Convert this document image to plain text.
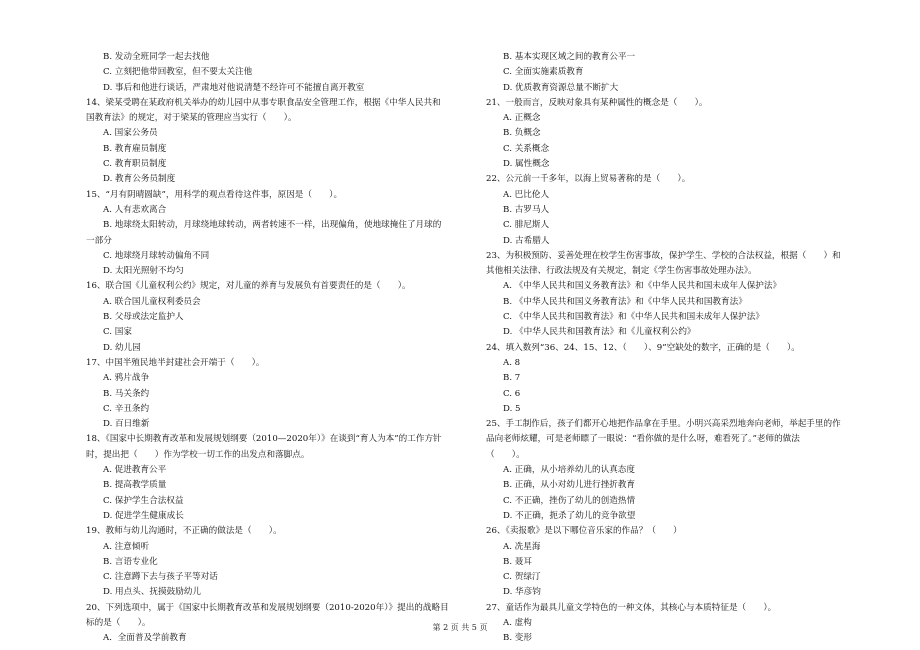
B. 发动全班同学一起去找他
C. 立刻把他带回教室，但不要太关注他
D. 事后和他进行谈话，严肃地对他说清楚不经许可不能擅自离开教室
14、梁某受聘在某政府机关举办的幼儿园中从事专职食品安全管理工作，根据《中华人民共和
国教育法》的规定，对于梁某的管理应当实行（　　）。
A. 国家公务员
B. 教育雇员制度
C. 教育职员制度
D. 教育公务员制度
15、“月有阴晴圆缺”，用科学的观点看待这件事，原因是（　　）。
A. 人有悲欢离合
B. 地球绕太阳转动，月球绕地球转动，两者转速不一样，出现偏角，使地球掩住了月球的
一部分
C. 地球绕月球转动偏角不同
D. 太阳光照射不均匀
16、联合国《儿童权利公约》规定，对儿童的养育与发展负有首要责任的是（　　）。
A. 联合国儿童权利委员会
B. 父母或法定监护人
C. 国家
D. 幼儿园
17、中国半殖民地半封建社会开端于（　　）。
A. 鸦片战争
B. 马关条约
C. 辛丑条约
D. 百日维新
18、《国家中长期教育改革和发展规划纲要（2010—2020年）》在谈到“育人为本”的工作方针
时，提出把（　　）作为学校一切工作的出发点和落脚点。
A. 促进教育公平
B. 提高教学质量
C. 保护学生合法权益
D. 促进学生健康成长
19、教师与幼儿沟通时，不正确的做法是（　　）。
A. 注意倾听
B. 言语专业化
C. 注意蹲下去与孩子平等对话
D. 用点头、抚摸鼓励幼儿
20、下列选项中，属于《国家中长期教育改革和发展规划纲要（2010-2020年）》提出的战略目
标的是（　　）。
A．全面普及学前教育
B. 基本实现区域之间的教育公平一
C. 全面实施素质教育
D. 优质教育资源总量不断扩大
21、一般而言，反映对象具有某种属性的概念是（　　）。
A. 正概念
B. 负概念
C. 关系概念
D. 属性概念
22、公元前一千多年，以海上贸易著称的是（　　）。
A. 巴比伦人
B. 古罗马人
C. 腓尼斯人
D. 古希腊人
23、为积极预防、妥善处理在校学生伤害事故，保护学生、学校的合法权益，根据（　　）和
其他相关法律、行政法规及有关规定，制定《学生伤害事故处理办法》。
A. 《中华人民共和国义务教育法》和《中华人民共和国未成年人保护法》
B. 《中华人民共和国义务教育法》和《中华人民共和国教育法》
C. 《中华人民共和国教育法》和《中华人民共和国未成年人保护法》
D. 《中华人民共和国教育法》和《儿童权利公约》
24、填入数列“36、24、15、12、（　　）、9”空缺处的数字，正确的是（　　）。
A. 8
B. 7
C. 6
D. 5
25、手工制作后，孩子们都开心地把作品拿在手里。小明兴高采烈地奔向老师，举起手里的作
品向老师炫耀，可是老师瞟了一眼说：“看你做的是什么呀，难看死了。”老师的做法
（　　）。
A. 正确，从小培养幼儿的认真态度
B. 正确，从小对幼儿进行挫折教育
C. 不正确，挫伤了幼儿的创造热情
D. 不正确，扼杀了幼儿的竞争欲望
26、《卖报歌》是以下哪位音乐家的作品？（　　）
A. 冼星海
B. 聂耳
C. 贺绿汀
D. 华彦钧
27、童话作为最具儿童文学特色的一种文体，其核心与本质特征是（　　）。
A. 虚构
B. 变形
第 2 页 共 5 页
